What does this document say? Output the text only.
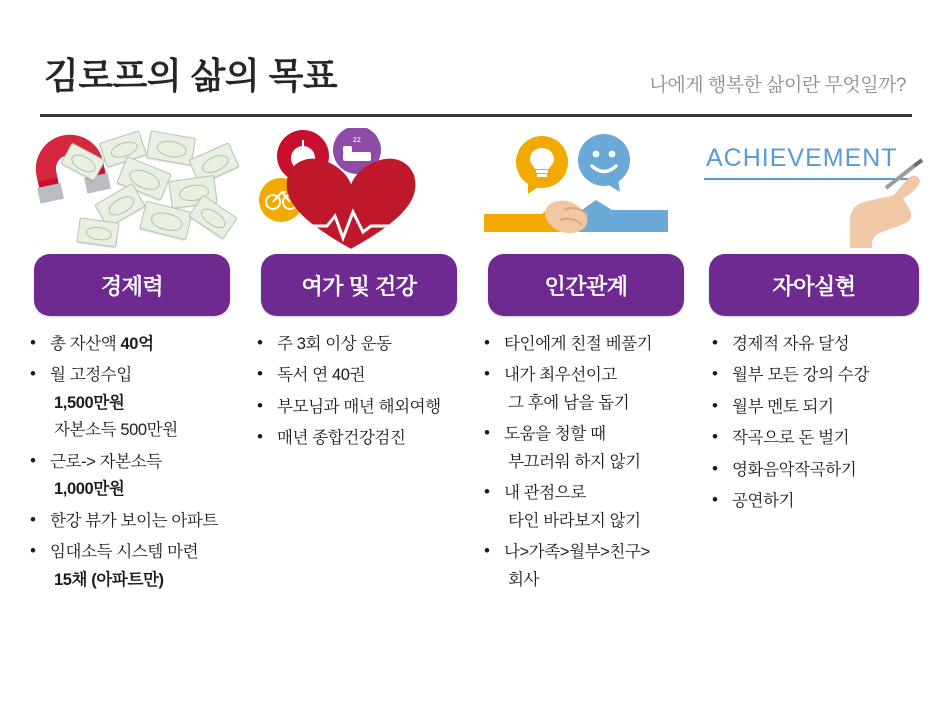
김로프의 삶의 목표	나에게 행복한 삶이란 무엇일까?
경제력
• 총 자산액 40억
• 월 고정수입
1,500만원
자본소득 500만원
• 근로-> 자본소득
1,000만원
• 한강 뷰가 보이는 아파트
• 임대소득 시스템 마련
15채 (아파트만)
zz
여가 및 건강
• 주 3회 이상 운동
• 독서 연 40권
• 부모님과 매년 해외여행
• 매년 종합건강검진
인간관계
• 타인에게 친절 베풀기
• 내가 최우선이고
그 후에 남을 돕기
• 도움을 청할 때
부끄러워 하지 않기
• 내 관점으로
타인 바라보지 않기
• 나>가족>월부>친구>
회사
ACHIEVEMENT
자아실현
• 경제적 자유 달성
• 월부 모든 강의 수강
• 월부 멘토 되기
• 작곡으로 돈 벌기
• 영화음악작곡하기
• 공연하기
